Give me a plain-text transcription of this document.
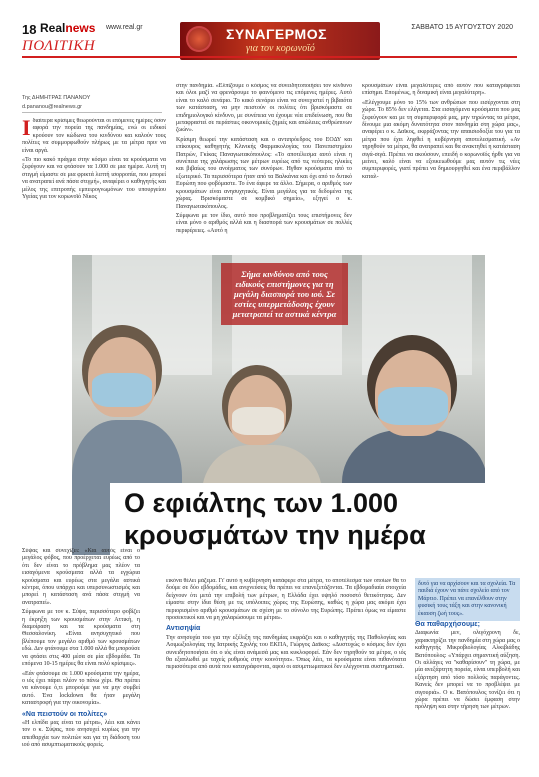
18 Realnews www.real.gr	ΣΥΝΑΓΕΡΜΟΣ
για τον κορωνοϊό
ΣΑΒΒΑΤΟ 15 ΑΥΓΟΥΣΤΟΥ 2020
ΠΟΛΙΤΙΚΗ
Της ΔΗΜΗΤΡΑΣ ΠΑΝΑΝΟΥ
d.pananou@realnews.gr

Ιδιαίτερα κρίσιμες θεωρούνται οι επόμενες ημέρες όσον αφορά την πορεία της πανδημίας, ενώ οι ειδικοί κρούουν τον κώδωνα του κινδύνου και καλούν τους πολίτες να συμμορφωθούν πλήρως με τα μέτρα πριν να είναι αργά.

«Το πιο κακό πράγμα στην κόσμο είναι τα κρούσματα να ξεφύγουν και να φτάσουν τα 1.000 σε μια ημέρα. Αυτή τη στιγμή είμαστε σε μια φρικτά λεπτή ισορροπία, που μπορεί να ανατραπεί ανά πάσα στιγμή», αναφέρει ο καθηγητής και μέλος της επιτροπής εμπειρογνωμόνων του υπουργείου Υγείας για τον κορωνοϊό Νίκος

στην πανδημία. «Ελπίζουμε ο κόσμος να συνειδητοποιήσει τον κίνδυνο και όλοι μαζί να φρενάρουμε το φαινόμενο τις επόμενες ημέρες. Αυτό είναι το καλό σενάριο. Το κακό σενάριο είναι να συνεχιστεί η βιβαιότα των κατάσταση, να μην πειστούν οι πολίτες ότι βρισκόμαστε σε επιδημιολογικό κίνδυνο, με συνέπεια να έχουμε νέα επιδείνωση, που θα μεταφραστεί σε περάστιες οικονομικές ζημιές και απώλειες ανθρώπινων ζωών».

Κρίσιμη θεωρεί την κατάσταση και ο αντιπρόεδρος του ΕΟΔΥ και επίκουρος καθηγητής Κλινικής Φαρμακολογίας του Πανεπιστημίου Πατρών, Γκίκας Παναγιωτακόπουλος: «Το αποτέλεσμα αυτό είναι η συνέπεια της χαλάρωσης των μέτρων ευρέως από τις νεότερες ηλικίες και βιβαίως του ανοίγματος των συνόρων. Ηγθαν κρούσματα από το εξωτερικό. Τα περισσότερα ήταν από τα Βαλκάνια και όχι από το δυτικό Ευρώπη που φοβόμαστε. Το ένα άφερε τα άλλο. Σήμερα, ο αριθμός των κρουσμάτων είναι ανησυχητικός. Είναι μεγάλος για τα δεδομένα της χώρας. Βρισκόμαστε σε κομβικό σημείο», εξηγεί ο κ. Παναγιωτακόπουλος.

Σύμφωνα με τον ίδιο, αυτό που προβληματίζει τους επιστήμονες δεν είναι μόνο ο αριθμός αλλά και η διασπορά των κρουσμάτων σε πολλές περιφέρειες. «Αυτό η

κρουσμάτων είναι μεγαλύτερες από αυτόν που καταγράφεται επίσημα. Επομένως, η διναμική είναι μεγαλύτερη».

«Ελέγχουμε μόνο το 15% των ανθρώπων που εισέρχονται στη χώρα. Το 85% δεν ελέγεται. Στα εισαγόμενα κρούσματα που μας ξεφεύγουν και με τη συμπεριφορά μας, μην τηρώντας τα μέτρα, δίνουμε μια ακόμη δυνατότητα στον πανδημία στη χώρα μας», αναφέρει ο κ. Δαϊκος, εκφράζοντας την απαισιοδοξία του για τα μέτρα που έχει ληφθεί η κυβέρνηση αποτελεσματική. «Αν τηρηθούν τα μέτρα, θα ανατραπεί και θα ανακτηθεί η κατάσταση σιγά-σιγά. Πρέπει να ακούσουν, επειδή ο κορωνοϊός ήρθε για να μείνει, καλό είναι να εξοικειωθούμε μας αυτόν τις νέες συμπεριφορές, γιατί πρέπει να δημιουργηθεί και ένα περιβάλλον καταλ-

Σήμα κινδύνου από τους ειδικούς επιστήμονες για τη μεγάλη διασπορά του ιού. Σε εστίες υπερμετάδοσης έχουν μετατραπεί τα αστικά κέντρα
Ο εφιάλτης των 1.000 κρουσμάτων την ημέρα

Σύψας και συνεχίζει: «Και αυτός είναι ο μεγάλος φόβος, που προέρχεται ευρέως από το ότι δεν είναι το πρόβλημα μας πλέον τα εισαγόμενα κρούσματα αλλά τα εγχώρια κρούσματα και ευρέως στα μεγάλα αστικά κέντρα, όπου υπάρχει και υπερσυνωστισμός και μπορεί η κατάσταση ανά πάσα στιγμή να ανατραπεί».

Σύμφωνα με τον κ. Σύψα, περισσότερο φοβίζει η έκρηξη των κρουσμάτων στην Αττική, η διαμοίραση και τα κρούσματα στη Θεσσαλονίκη. «Είναι ανησυχητικό που βλέπουμε τον μεγάλο αριθμό των κρουσμάτων εδώ. Δεν φτάνουμε στα 1.000 αλλά θα μπορούσε να φτάσει στις 400 μέσα σε μία εβδομάδα. Τα επόμενα 10-15 ημέρες θα είναι πολύ κρίσιμες».

«Εάν φτάσουμε σε 1.000 κρούσματα την ημέρα, ο ιός έχει πάρει πλέον το πάνω χέρι. Θα πρέπει να κάνουμε ό,τι μπορούμε για να μην συμβεί αυτό. Ένα lockdown θα ήταν μεγάλη καταστροφή για την οικονομία».

«Να πειστούν οι πολίτες»

«Η ελπίδα μας είναι τα μέτρα», λέει και κάνει τον ο κ. Σύψας, που ανησυχεί κυρίως για την απειθαρχία των πολιτών και για τη διάδοση του ιού από ασυμπτωματικούς φορείς.

εικόνα θέλει μάζεμα. Γι' αυτό η κυβέρνηση κατάφερε στα μέτρα, το αποτέλεσμα των οποίων θα το δούμε σε δύο εβδομάδες, και ανιχνεύσεις θα πρέπει να επανεξετάζονται. Τα εβδομαδιαία στοιχεία δείχνουν ότι μετά την επιβολή των μέτρων, η Ελλάδα έχει υψηλό ποσοστό θετικότητας. Δεν είμαστε στην ίδια θέση με τις υπόλοιπες χώρες της Ευρώπης, καθώς η χώρα μας ακόμα έχει περιορισμένο αριθμό κρουσμάτων σε σχέση με το σύνολο της Ευρώπης. Πρέπει όμως να είμαστε προσεκτικοί και να μη χαλαρώσουμε τα μέτρα».

Αντισηψία

Την ανησυχία του για την εξέλιξη της πανδημίας εκφράζει και ο καθηγητής της Παθολογίας και Λοιμωξιολογίας της Ιατρικής Σχολής του ΕΚΠΑ, Γιώργος Δαϊκος: «Δυστυχώς ο κόσμος δεν έχει συνειδητοποιήσει ότι ο ιός είναι ανάμεσά μας και κυκλοφορεί. Εάν δεν τηρηθούν τα μέτρα, ο ιός θα εξαπλωθεί με ταχείς ρυθμούς στην κοινότητα». Όπως λέει, τα κρούσματα είναι πιθανότατα περισσότερα από αυτά που καταγράφονται, αφού οι ασυμπτωματικοί δεν ελέγχονται συστηματικά.

δυτό για να αρχίσουν και τα σχολεία. Τα παιδιά έχουν να πάνε σχολείο από τον Μάρτιο. Πρέπει να επανέλθουν στην φυσική τους τάξη και στην κανονική έκαυση ζωή τους».
Θα παθαρχήσουμε;

Διαφωνία μεν, ολιγόχρονη δε, χαρακτηρίζει την πανδημία στη χώρα μας ο καθηγητής Μικροβιολογίας Αλκιβιάδης Βατόπουλος: «Υπάρχει σημαντική αύξηση. Οι αλλάγες να "καθαρίσουν" τη χώρα, με μία ανεξάρτητη πορεία, είναι υπερβολή και εξάρτηση από τόσο πολλούς παράγοντες. Κανείς δεν μπορεί να το προβλέψει με σιγουριά». Ο κ. Βατόπουλος τονίζει ότι η χώρα πρέπει να δώσει έμφαση στην πρόληψη και στην τήρηση των μέτρων.
